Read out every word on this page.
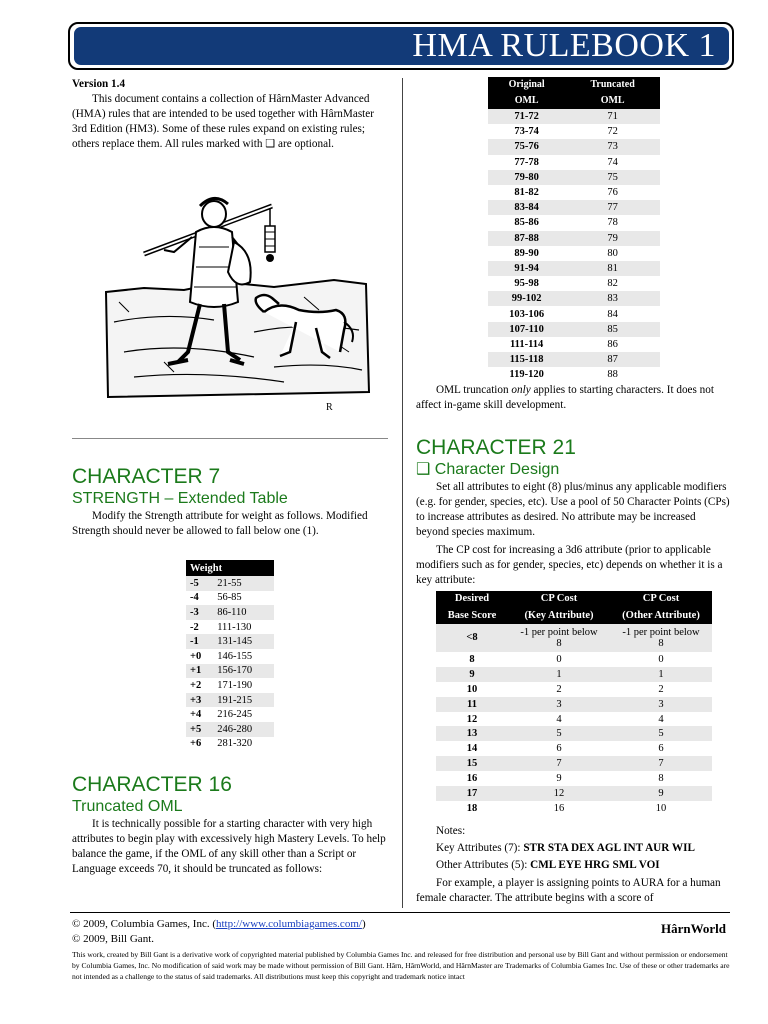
HMA RULEBOOK 1

Version 1.4

This document contains a collection of HârnMaster Advanced (HMA) rules that are intended to be used together with HârnMaster 3rd Edition (HM3). Some of these rules expand on existing rules; others replace them. All rules marked with ❑ are optional.

R
CHARACTER 7
STRENGTH – Extended Table

Modify the Strength attribute for weight as follows. Modified Strength should never be allowed to fall below one (1).

Weight	
-5	21-55
-4	56-85
-3	86-110
-2	111-130
-1	131-145
+0	146-155
+1	156-170
+2	171-190
+3	191-215
+4	216-245
+5	246-280
+6	281-320
CHARACTER 16
Truncated OML

It is technically possible for a starting character with very high attributes to begin play with excessively high Mastery Levels. To help balance the game, if the OML of any skill other than a Script or Language exceeds 70, it should be truncated as follows:

Original	Truncated
OML	OML
71-72	71
73-74	72
75-76	73
77-78	74
79-80	75
81-82	76
83-84	77
85-86	78
87-88	79
89-90	80
91-94	81
95-98	82
99-102	83
103-106	84
107-110	85
111-114	86
115-118	87
119-120	88

OML truncation only applies to starting characters. It does not affect in-game skill development.

CHARACTER 21
❑ Character Design

Set all attributes to eight (8) plus/minus any applicable modifiers (e.g. for gender, species, etc). Use a pool of 50 Character Points (CPs) to increase attributes as desired. No attribute may be increased beyond species maximum.

The CP cost for increasing a 3d6 attribute (prior to applicable modifiers such as for gender, species, etc) depends on whether it is a key attribute:

Desired	CP Cost	CP Cost
Base Score	(Key Attribute)	(Other Attribute)
<8	-1 per point below 8	-1 per point below 8
8	0	0
9	1	1
10	2	2
11	3	3
12	4	4
13	5	5
14	6	6
15	7	7
16	9	8
17	12	9
18	16	10

Notes:

Key Attributes (7): STR STA DEX AGL INT AUR WIL

Other Attributes (5): CML EYE HRG SML VOI

For example, a player is assigning points to AURA for a human female character. The attribute begins with a score of

© 2009, Columbia Games, Inc. (http://www.columbiagames.com/)
© 2009, Bill Gant.
HârnWorld
This work, created by Bill Gant is a derivative work of copyrighted material published by Columbia Games Inc. and released for free distribution and personal use by Bill Gant and without permission or endorsement by Columbia Games, Inc. No modification of said work may be made without permission of Bill Gant. Hârn, HârnWorld, and HârnMaster are Trademarks of Columbia Games Inc. Use of these or other trademarks are not intended as a challenge to the status of said trademarks. All distributions must keep this copyright and trademark notice intact
